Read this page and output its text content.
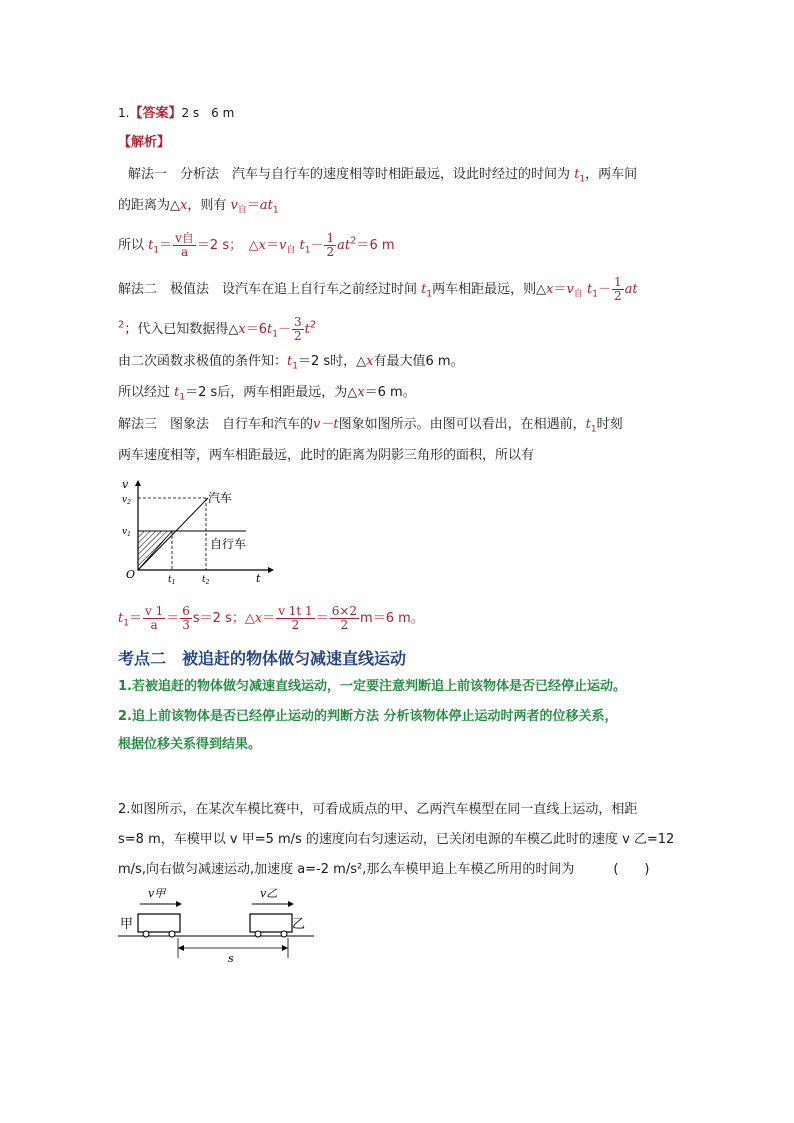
1.【答案】2 s　6 m
【解析】
解法一　分析法　 汽车与自行车的速度相等时相距最远，设此时经过的时间为 $t_1$，两车间
的距离为△x，则有 $v_自=at_1$
所以 $t_1= \frac{\text{v自}}{a} =2$ s；　 $\triangle x=v_自$ $t_1- \frac{1}{2} at^2=6$ m
解法二　极值法　 设汽车在追上自行车之前经过时间 $t_1$两车相距最远，则$\triangle x=v_自$ $t_1- \frac{1}{2}$ at
$^2$；代入已知数据得$\triangle x=6t_1- \frac{3}{2} t^2$
由二次函数求极值的条件知：$t_1=2$ s时，△x有最大值6 m。
所以经过 $t_1=2$ s后，两车相距最远，为△x＝6 m。
解法三　图象法　 自行车和汽车的v－t图象如图所示。由图可以看出，在相遇前，$t_1$时刻
两车速度相等，两车相距最远，此时的距离为阴影三角形的面积，所以有
v
$v_2$
$v_1$
O	$t_1$	$t_2$	t
汽车
自行车
$t_1= \frac{v 1}{a} = \frac{6}{3} s=2$ s；△x＝ $\frac{v 1t 1}{2} = \frac{6\times 2}{2} m=6$ m。
考点二　被追赶的物体做匀减速直线运动
1.若被追赶的物体做匀减速直线运动，一定要注意判断追上前该物体是否已经停止运动。
2.追上前该物体是否已经停止运动的判断方法 分析该物体停止运动时两者的位移关系，
根据位移关系得到结果。
2.如图所示，在某次车模比赛中，可看成质点的甲、乙两汽车模型在同一直线上运动，相距
s=8 m，车模甲以 v 甲=5 m/s 的速度向右匀速运动，已关闭电源的车模乙此时的速度 v 乙=12
m/s,向右做匀减速运动,加速度 a=-2 m/s²,那么车模甲追上车模乙所用的时间为　　　	(　　)
甲	乙
v甲	v乙
s
